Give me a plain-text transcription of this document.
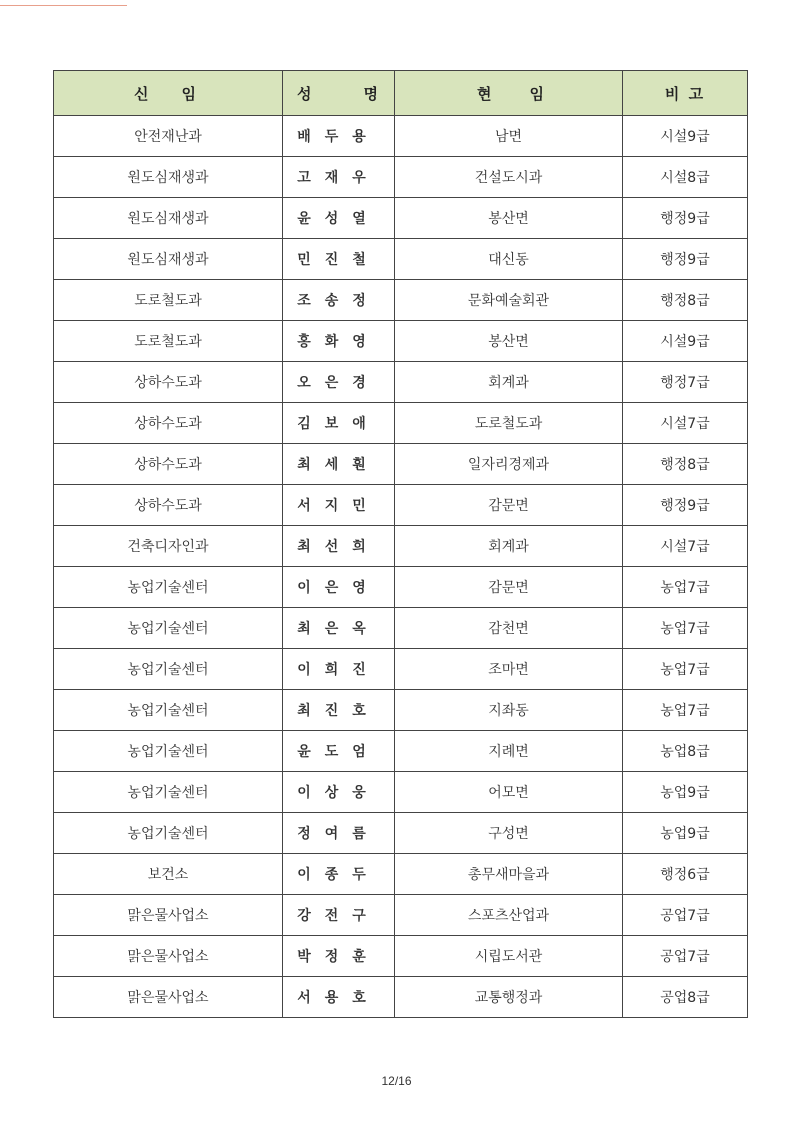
신 임	성 명	현 임	비 고
안전재난과	배두용	남면	시설9급
원도심재생과	고재우	건설도시과	시설8급
원도심재생과	윤성열	봉산면	행정9급
원도심재생과	민진철	대신동	행정9급
도로철도과	조송정	문화예술회관	행정8급
도로철도과	홍화영	봉산면	시설9급
상하수도과	오은경	회계과	행정7급
상하수도과	김보애	도로철도과	시설7급
상하수도과	최세훤	일자리경제과	행정8급
상하수도과	서지민	감문면	행정9급
건축디자인과	최선희	회계과	시설7급
농업기술센터	이은영	감문면	농업7급
농업기술센터	최은옥	감천면	농업7급
농업기술센터	이희진	조마면	농업7급
농업기술센터	최진호	지좌동	농업7급
농업기술센터	윤도엄	지례면	농업8급
농업기술센터	이상웅	어모면	농업9급
농업기술센터	정여름	구성면	농업9급
보건소	이종두	총무새마을과	행정6급
맑은물사업소	강전구	스포츠산업과	공업7급
맑은물사업소	박정훈	시립도서관	공업7급
맑은물사업소	서용호	교통행정과	공업8급
12/16
